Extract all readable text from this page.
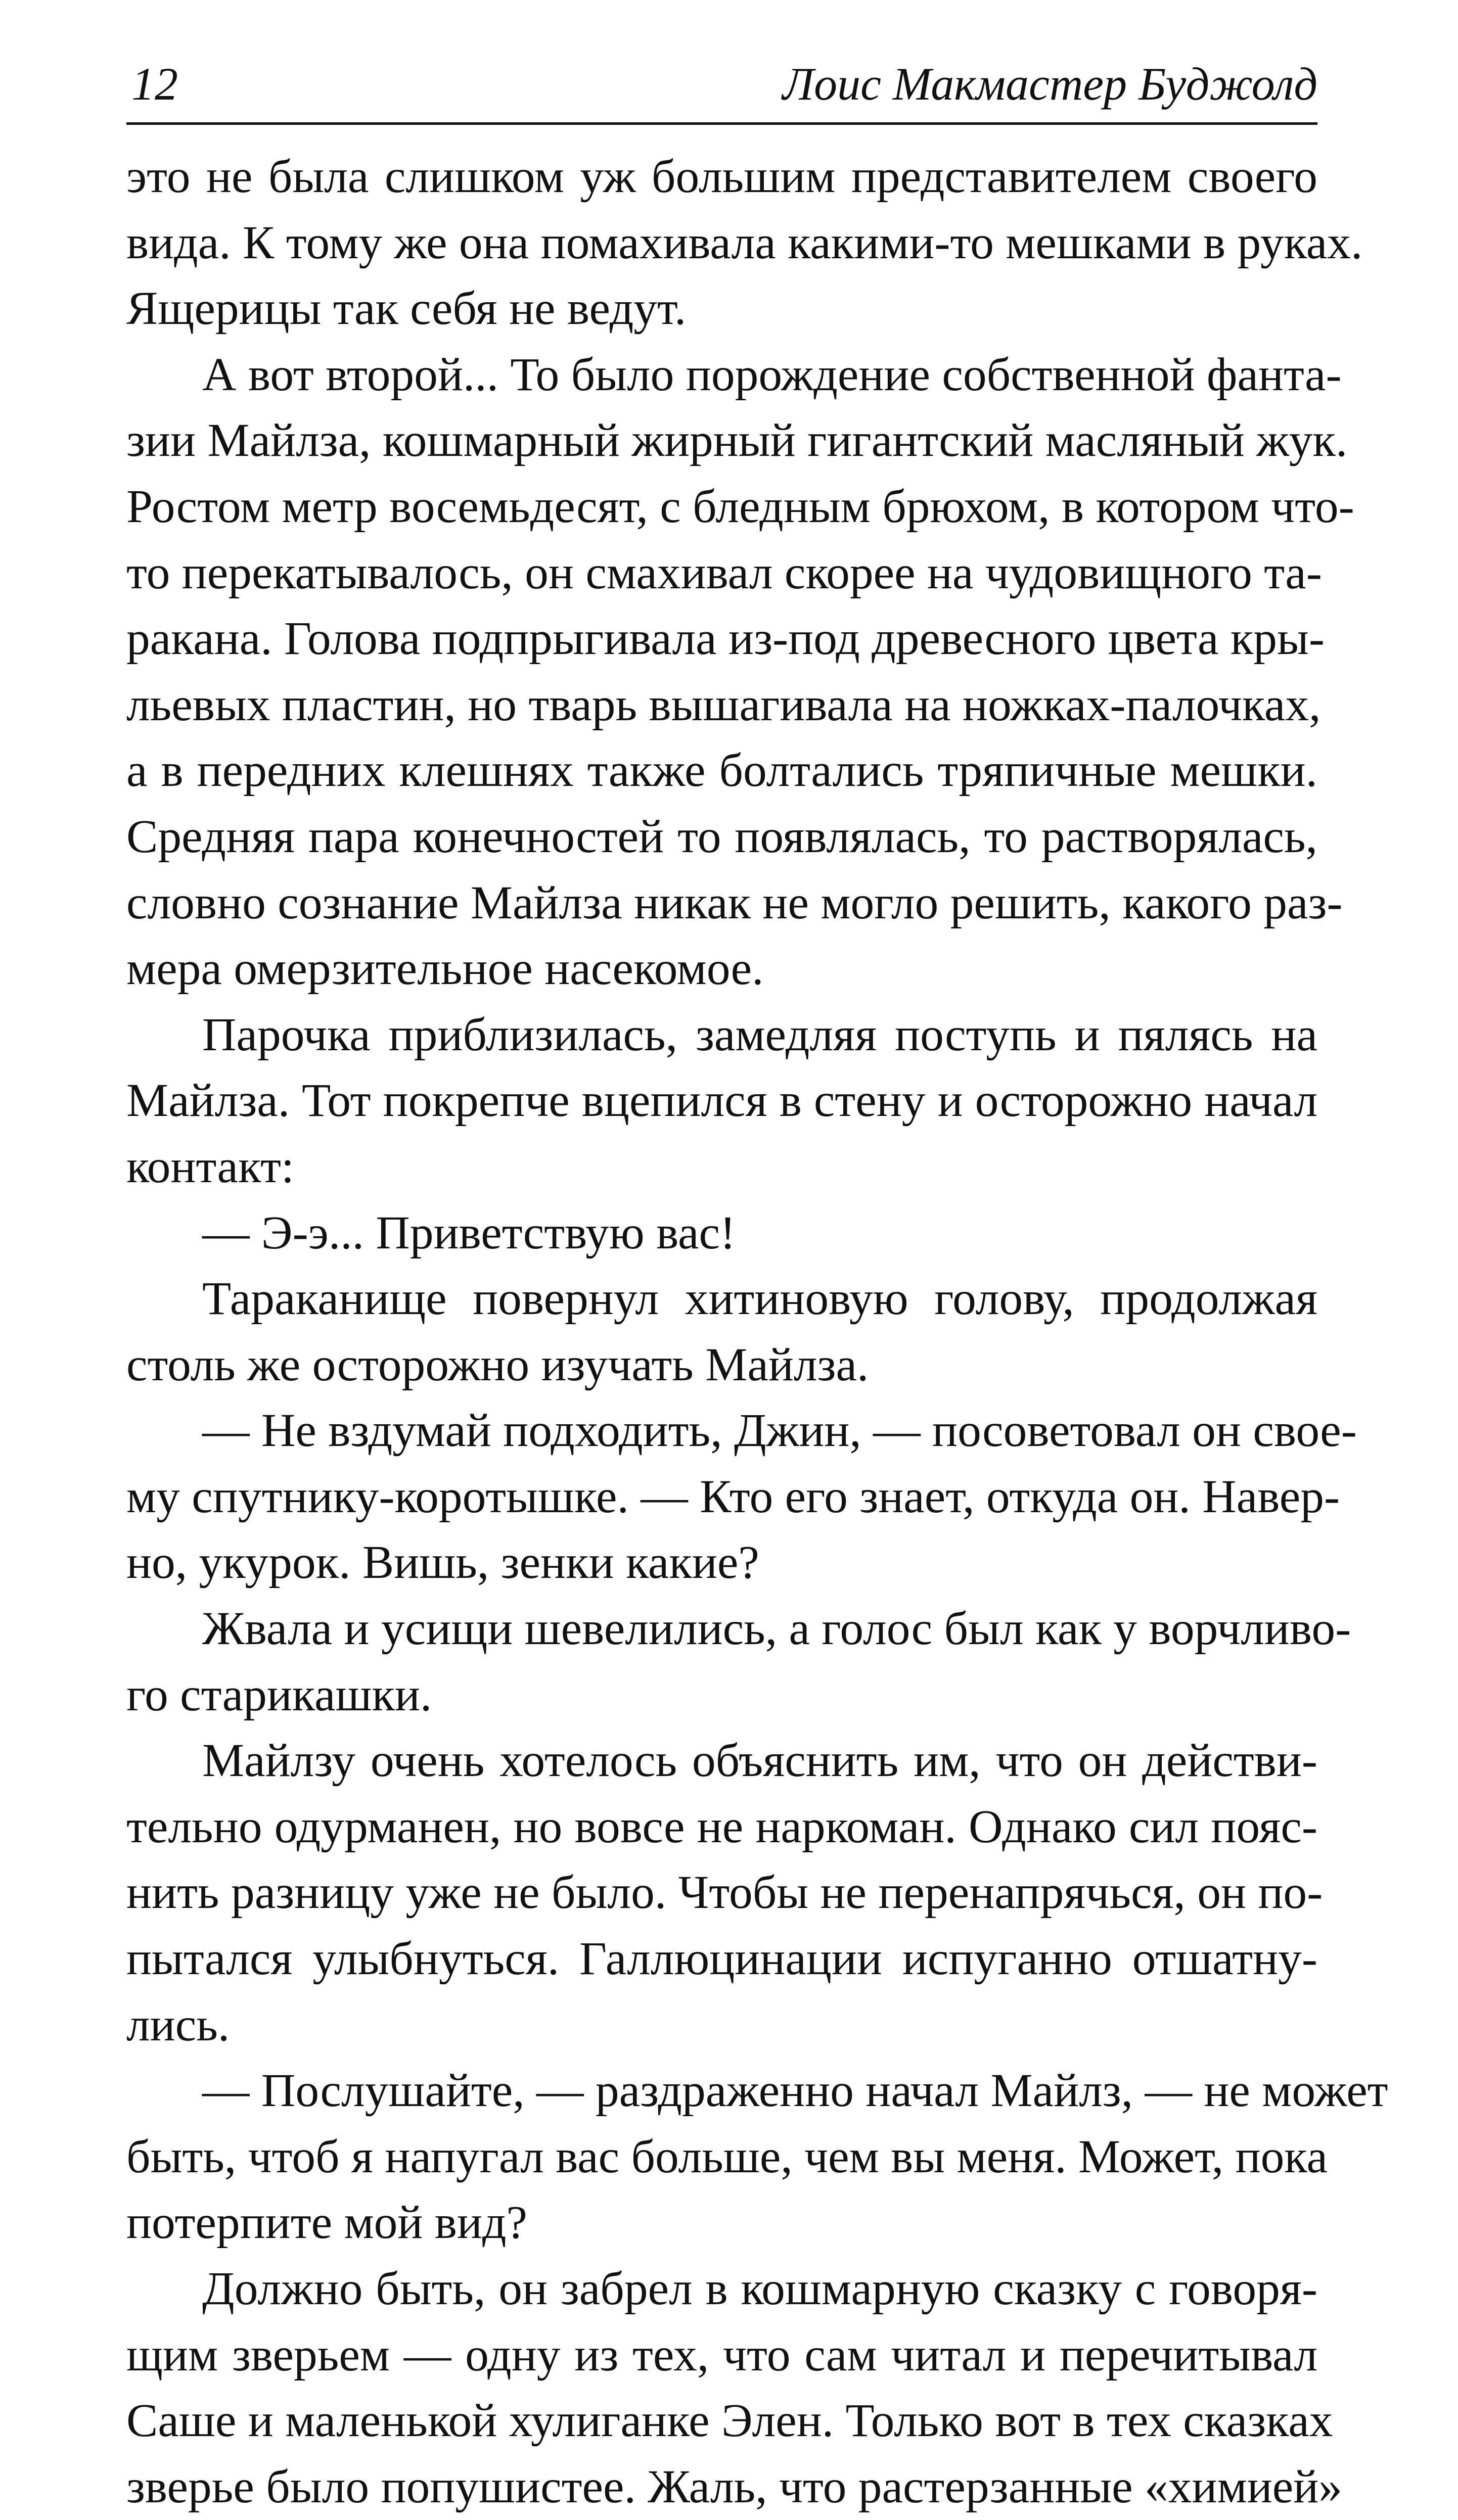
12	Лоис Макмастер Буджолд
это не была слишком уж большим представителем своего
вида. К тому же она помахивала какими-то мешками в руках.
Ящерицы так себя не ведут.
А вот второй... То было порождение собственной фанта-
зии Майлза, кошмарный жирный гигантский масляный жук.
Ростом метр восемьдесят, с бледным брюхом, в котором что-
то перекатывалось, он смахивал скорее на чудовищного та-
ракана. Голова подпрыгивала из-под древесного цвета кры-
льевых пластин, но тварь вышагивала на ножках-палочках,
а в передних клешнях также болтались тряпичные мешки.
Средняя пара конечностей то появлялась, то растворялась,
словно сознание Майлза никак не могло решить, какого раз-
мера омерзительное насекомое.
Парочка приблизилась, замедляя поступь и пялясь на
Майлза. Тот покрепче вцепился в стену и осторожно начал
контакт:
— Э-э... Приветствую вас!
Тараканище повернул хитиновую голову, продолжая
столь же осторожно изучать Майлза.
— Не вздумай подходить, Джин, — посоветовал он свое-
му спутнику-коротышке. — Кто его знает, откуда он. Навер-
но, укурок. Вишь, зенки какие?
Жвала и усищи шевелились, а голос был как у ворчливо-
го старикашки.
Майлзу очень хотелось объяснить им, что он действи-
тельно одурманен, но вовсе не наркоман. Однако сил пояс-
нить разницу уже не было. Чтобы не перенапрячься, он по-
пытался улыбнуться. Галлюцинации испуганно отшатну-
лись.
— Послушайте, — раздраженно начал Майлз, — не может
быть, чтоб я напугал вас больше, чем вы меня. Может, пока
потерпите мой вид?
Должно быть, он забрел в кошмарную сказку с говоря-
щим зверьем — одну из тех, что сам читал и перечитывал
Саше и маленькой хулиганке Элен. Только вот в тех сказках
зверье было попушистее. Жаль, что растерзанные «химией»
